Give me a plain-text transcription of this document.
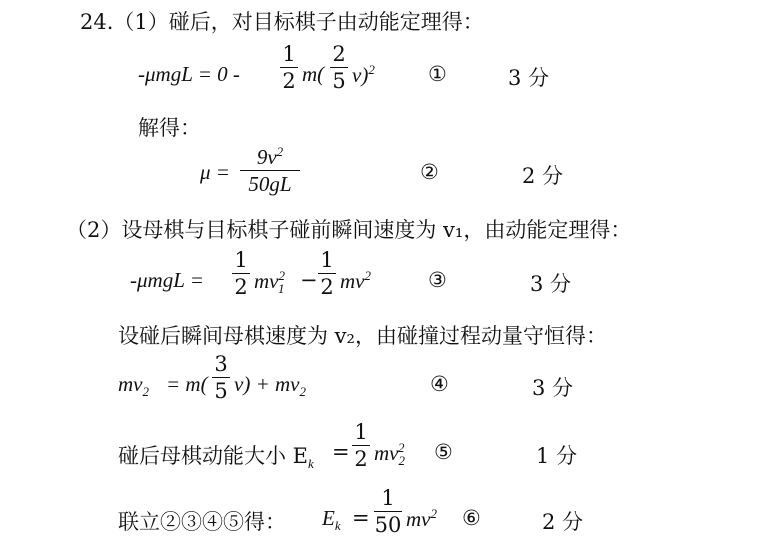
24.（1）碰后，对目标棋子由动能定理得：
-μmgL = 0 -
1
2 m(
2
5 v)$^2$	①	3 分
解得：
μ =
$9v^2$
50gL	②	2 分
（2）设母棋与目标棋子碰前瞬间速度为 v₁，由动能定理得：
-μmgL =
1
2 $mv^2_1$ −
1
2 $mv^2$	③	3 分
设碰后瞬间母棋速度为 v₂，由碰撞过程动量守恒得：
$mv_2 = m$(
3
5 $v) + mv_2$	④	3 分
碰后母棋动能大小 $E_k$ =
1
2 $mv_2^2$ ⑤	1 分
联立②③④⑤得： $E_k$ =
1
50 $mv^2$ ⑥	2 分
